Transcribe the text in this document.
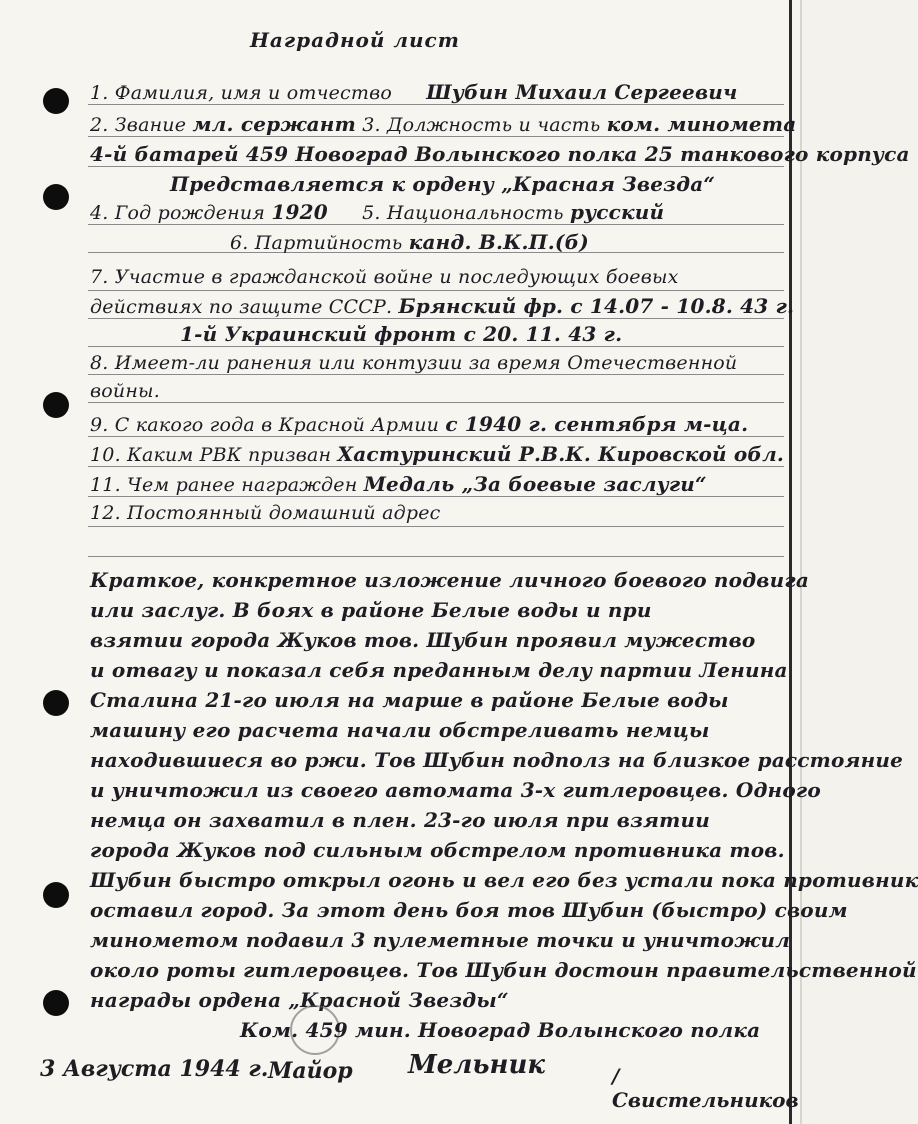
Наградной лист
1. Фамилия, имя и отчество Шубин Михаил Сергеевич
2. Звание мл. сержант 3. Должность и часть ком. миномета
4-й батарей 459 Новоград Волынского полка 25 танкового корпуса
Представляется к ордену „Красная Звезда“
4. Год рождения 1920 5. Национальность русский
6. Партийность канд. В.К.П.(б)
7. Участие в гражданской войне и последующих боевых
действиях по защите СССР. Брянский фр. с 14.07 - 10.8. 43 г.
1-й Украинский фронт с 20. 11. 43 г.
8. Имеет-ли ранения или контузии за время Отечественной
войны.
9. С какого года в Красной Армии с 1940 г. сентября м-ца.
10. Каким РВК призван Хастуринский Р.В.К. Кировской обл.
11. Чем ранее награжден Медаль „За боевые заслуги“
12. Постоянный домашний адрес
Краткое, конкретное изложение личного боевого подвига
или заслуг. В боях в районе Белые воды и при
взятии города Жуков тов. Шубин проявил мужество
и отвагу и показал себя преданным делу партии Ленина
Сталина 21-го июля на марше в районе Белые воды
машину его расчета начали обстреливать немцы
находившиеся во ржи. Тов Шубин подполз на близкое расстояние
и уничтожил из своего автомата 3-х гитлеровцев. Одного
немца он захватил в плен. 23-го июля при взятии
города Жуков под сильным обстрелом противника тов.
Шубин быстро открыл огонь и вел его без устали пока противник
оставил город. За этот день боя тов Шубин (быстро) своим
минометом подавил 3 пулеметные точки и уничтожил
около роты гитлеровцев. Тов Шубин достоин правительственной
награды ордена „Красной Звезды“
Ком. 459 мин. Новоград Волынского полка
3 Августа 1944 г. Майор Мельник	/ Свистельников
